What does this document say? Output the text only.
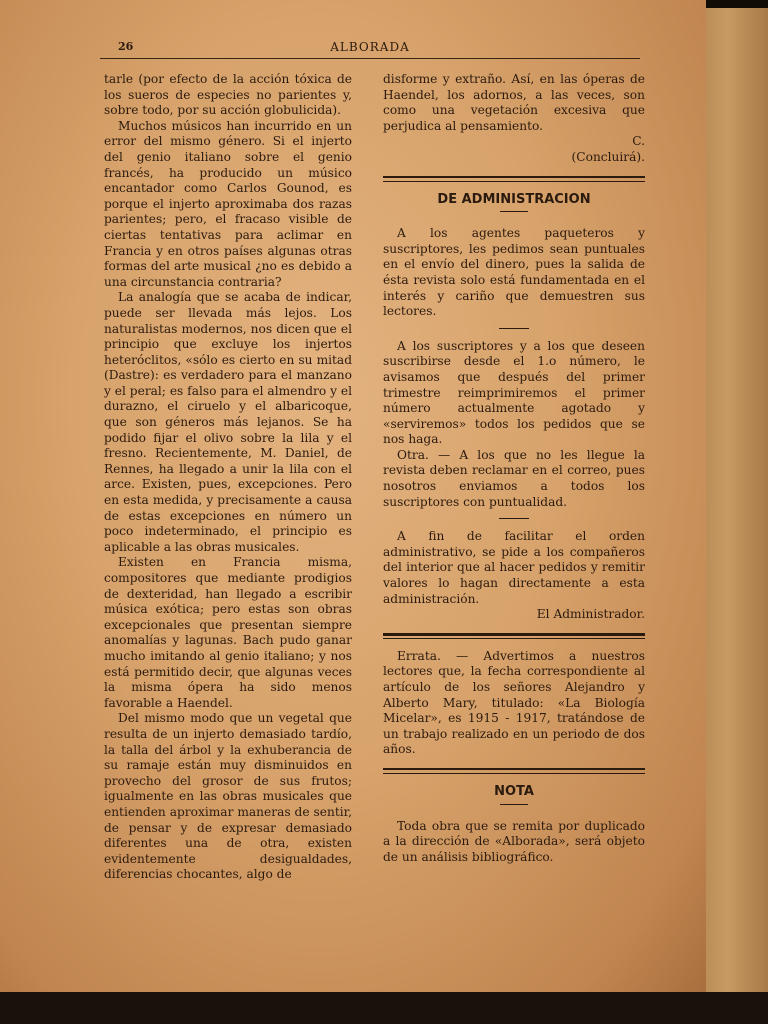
26	ALBORADA

tarle (por efecto de la acción tóxica de los sueros de especies no parientes y, sobre todo, por su acción globulicida).

Muchos músicos han incurrido en un error del mismo género. Si el injerto del genio italiano sobre el genio francés, ha producido un músico encantador como Carlos Gounod, es porque el injerto aproximaba dos razas parientes; pero, el fracaso visible de ciertas tentativas para aclimar en Francia y en otros países algunas otras formas del arte musical ¿no es debido a una circunstancia contraria?

La analogía que se acaba de indicar, puede ser llevada más lejos. Los naturalistas modernos, nos dicen que el principio que excluye los injertos heteróclitos, «sólo es cierto en su mitad (Dastre): es verdadero para el manzano y el peral; es falso para el almendro y el durazno, el ciruelo y el albaricoque, que son géneros más lejanos. Se ha podido fijar el olivo sobre la lila y el fresno. Recientemente, M. Daniel, de Rennes, ha llegado a unir la lila con el arce. Existen, pues, excepciones. Pero en esta medida, y precisamente a causa de estas excepciones en número un poco indeterminado, el principio es aplicable a las obras musicales.

Existen en Francia misma, compositores que mediante prodigios de dexteridad, han llegado a escribir música exótica; pero estas son obras excepcionales que presentan siempre anomalías y lagunas. Bach pudo ganar mucho imitando al genio italiano; y nos está permitido decir, que algunas veces la misma ópera ha sido menos favorable a Haendel.

Del mismo modo que un vegetal que resulta de un injerto demasiado tardío, la talla del árbol y la exhuberancia de su ramaje están muy disminuidos en provecho del grosor de sus frutos; igualmente en las obras musicales que entienden aproximar maneras de sentir, de pensar y de expresar demasiado diferentes una de otra, existen evidentemente desigualdades, diferencias chocantes, algo de

disforme y extraño. Así, en las óperas de Haendel, los adornos, a las veces, son como una vegetación excesiva que perjudica al pensamiento.

C.

(Concluirá).

DE ADMINISTRACION

A los agentes paqueteros y suscriptores, les pedimos sean puntuales en el envío del dinero, pues la salida de ésta revista solo está fundamentada en el interés y cariño que demuestren sus lectores.

A los suscriptores y a los que deseen suscribirse desde el 1.o número, le avisamos que después del primer trimestre reimprimiremos el primer número actualmente agotado y «serviremos» todos los pedidos que se nos haga.

Otra. — A los que no les llegue la revista deben reclamar en el correo, pues nosotros enviamos a todos los suscriptores con puntualidad.

A fin de facilitar el orden administrativo, se pide a los compañeros del interior que al hacer pedidos y remitir valores lo hagan directamente a esta administración.

El Administrador.

Errata. — Advertimos a nuestros lectores que, la fecha correspondiente al artículo de los señores Alejandro y Alberto Mary, titulado: «La Biología Micelar», es 1915 - 1917, tratándose de un trabajo realizado en un periodo de dos años.

NOTA

Toda obra que se remita por duplicado a la dirección de «Alborada», será objeto de un análisis bibliográfico.
